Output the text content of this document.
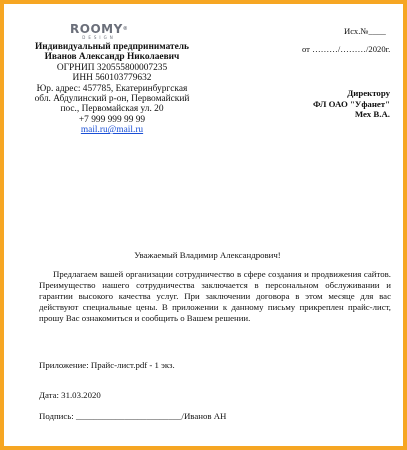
ROOMY®
DESIGN
Индивидуальный предприниматель
Иванов Александр Николаевич
ОГРНИП 320555800007235
ИНН 560103779632
Юр. адрес: 457785, Екатеринбургская обл. Абдулинский р-он, Первомайский пос., Первомайская ул. 20
+7 999 999 99 99
mail.ru@mail.ru
Исх.№____
от ………/………/2020г.
Директору
ФЛ ОАО "Уфанет"
Мех В.А.
Уважаемый Владимир Александрович!
Предлагаем вашей организации сотрудничество в сфере создания и продвижения сайтов. Преимущество нашего сотрудничества заключается в персональном обслуживании и гарантии высокого качества услуг. При заключении договора в этом месяце для вас действуют специальные цены. В приложении к данному письму прикреплен прайс-лист, прошу Вас ознакомиться и сообщить о Вашем решении.
Приложение: Прайс-лист.pdf - 1 экз.
Дата: 31.03.2020
Подпись: ________________________/Иванов АН
